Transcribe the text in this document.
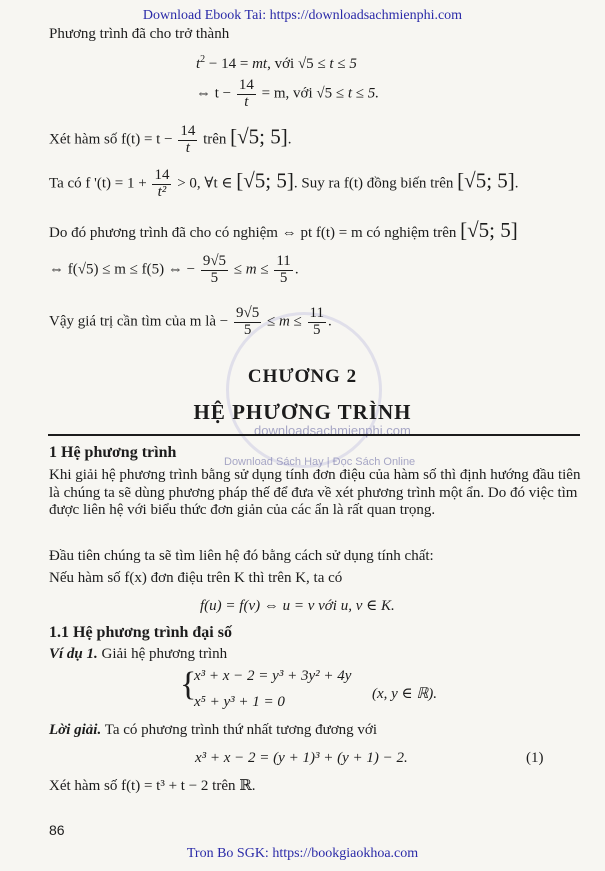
Download Ebook Tai: https://downloadsachmienphi.com
Tron Bo SGK: https://bookgiaokhoa.com
Download Sách Hay | Đọc Sách Online
downloadsachmienphi.com
Phương trình đã cho trở thành
$t^2 - 14$ = mt, với √5 ≤ t ≤ 5
⇔ $t - \frac{14}{t} = m$, với √5 ≤ t ≤ 5.
Xét hàm số $f(t) = t - \frac{14}{t}$ trên [√5; 5].
Ta có f '$(t) = 1 + \frac{14}{\text{t²}} > 0$, ∀t ∈ [√5; 5]. Suy ra f(t) đồng biến trên [√5; 5].
Do đó phương trình đã cho có nghiệm ⇔ pt f(t) = m có nghiệm trên [√5; 5]
⇔ f(√5) ≤ m ≤ f(5) ⇔ − $\frac{9√5}{5} \le m \le \frac{11}{5}$ .
Vậy giá trị cần tìm của m là − $\frac{9√5}{5} \le m \le \frac{11}{5}$ .
CHƯƠNG 2
HỆ PHƯƠNG TRÌNH
1 Hệ phương trình
Khi giải hệ phương trình bằng sử dụng tính đơn điệu của hàm số thì định hướng đầu tiên là chúng ta sẽ dùng phương pháp thế để đưa về xét phương trình một ẩn. Do đó việc tìm được liên hệ với biểu thức đơn giản của các ẩn là rất quan trọng.
Đầu tiên chúng ta sẽ tìm liên hệ đó bằng cách sử dụng tính chất:
Nếu hàm số f(x) đơn điệu trên K thì trên K, ta có
f(u) = f(v) ⇔ u = v với u, v ∈ K.
1.1 Hệ phương trình đại số
Ví dụ 1. Giải hệ phương trình
{
x³ + x − 2 = y³ + 3y² + 4y
x⁵ + y³ + 1 = 0	(x, y ∈ ℝ).
Lời giải. Ta có phương trình thứ nhất tương đương với
x³ + x − 2 = (y + 1)³ + (y + 1) − 2.	(1)
Xét hàm số f(t) = t³ + t − 2 trên ℝ.
86
